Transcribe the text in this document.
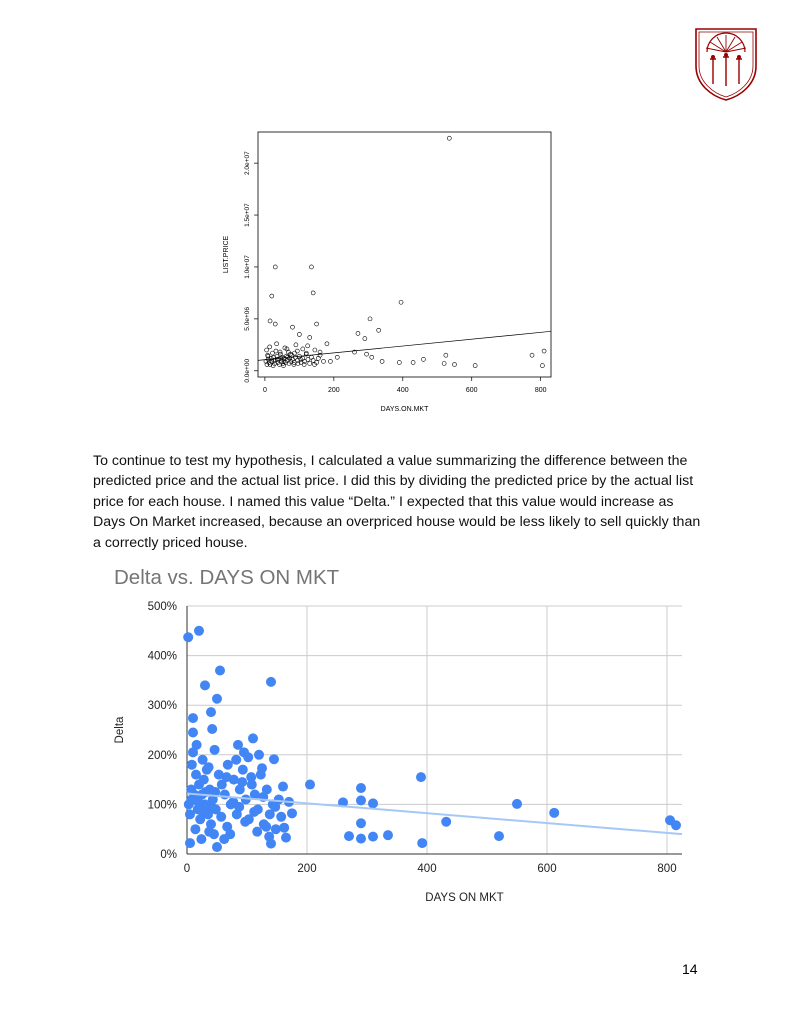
0	200	400	600	800
0.0e+00
5.0e+06
1.0e+07
1.5e+07
2.0e+07
DAYS.ON.MKT
LIST.PRICE
To continue to test my hypothesis, I calculated a value summarizing the difference between the predicted price and the actual list price. I did this by dividing the predicted price by the actual list price for each house. I named this value “Delta.” I expected that this value would increase as Days On Market increased, because an overpriced house would be less likely to sell quickly than a correctly priced house.
Delta vs. DAYS ON MKT
0%
100%
200%
300%
400%
500%
0	200	400	600	800
DAYS ON MKT
Delta
14
